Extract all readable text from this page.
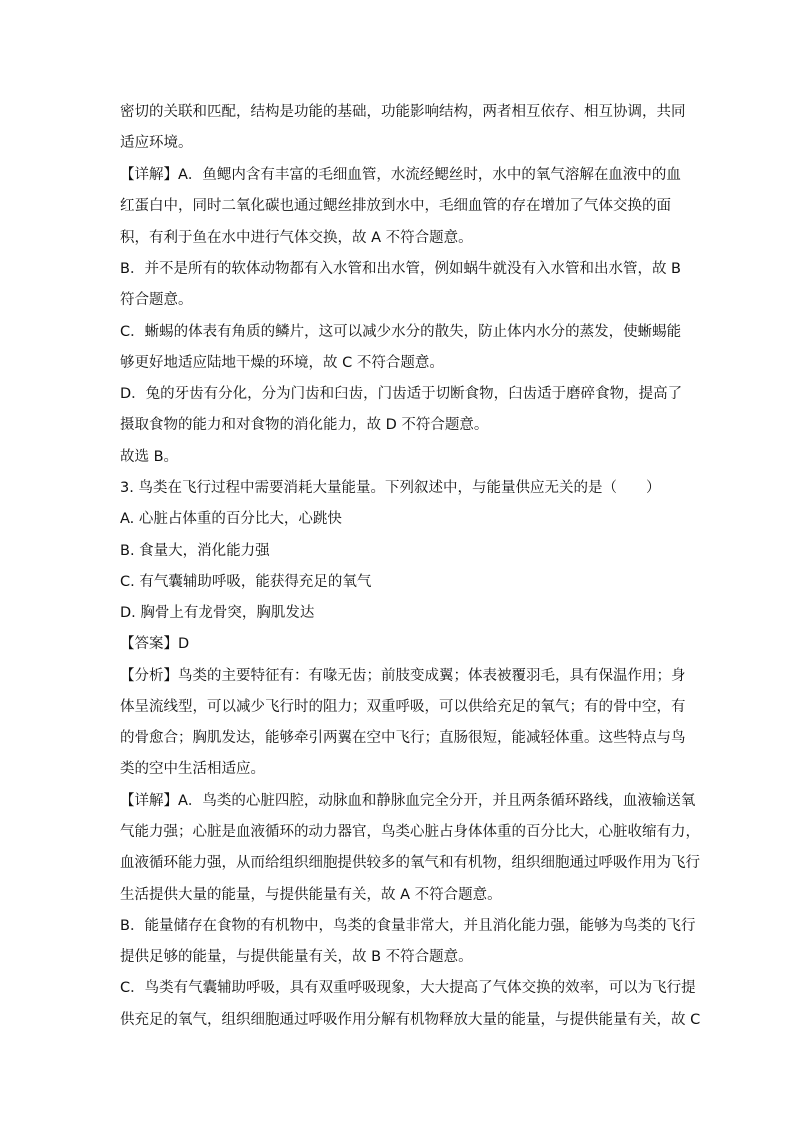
密切的关联和匹配，结构是功能的基础，功能影响结构，两者相互依存、相互协调，共同
适应环境。
【详解】A．鱼鳃内含有丰富的毛细血管，水流经鳃丝时，水中的氧气溶解在血液中的血
红蛋白中，同时二氧化碳也通过鳃丝排放到水中，毛细血管的存在增加了气体交换的面
积，有利于鱼在水中进行气体交换，故 A 不符合题意。
B．并不是所有的软体动物都有入水管和出水管，例如蜗牛就没有入水管和出水管，故 B
符合题意。
C．蜥蜴的体表有角质的鳞片，这可以减少水分的散失，防止体内水分的蒸发，使蜥蜴能
够更好地适应陆地干燥的环境，故 C 不符合题意。
D．兔的牙齿有分化，分为门齿和臼齿，门齿适于切断食物，臼齿适于磨碎食物，提高了
摄取食物的能力和对食物的消化能力，故 D 不符合题意。
故选 B。
3. 鸟类在飞行过程中需要消耗大量能量。下列叙述中，与能量供应无关的是（　　）
A. 心脏占体重的百分比大，心跳快
B. 食量大，消化能力强
C. 有气囊辅助呼吸，能获得充足的氧气
D. 胸骨上有龙骨突，胸肌发达
【答案】D
【分析】鸟类的主要特征有：有喙无齿；前肢变成翼；体表被覆羽毛，具有保温作用；身
体呈流线型，可以减少飞行时的阻力；双重呼吸，可以供给充足的氧气；有的骨中空，有
的骨愈合；胸肌发达，能够牵引两翼在空中飞行；直肠很短，能减轻体重。这些特点与鸟
类的空中生活相适应。
【详解】A．鸟类的心脏四腔，动脉血和静脉血完全分开，并且两条循环路线，血液输送氧
气能力强；心脏是血液循环的动力器官，鸟类心脏占身体体重的百分比大，心脏收缩有力，
血液循环能力强，从而给组织细胞提供较多的氧气和有机物，组织细胞通过呼吸作用为飞行
生活提供大量的能量，与提供能量有关，故 A 不符合题意。
B．能量储存在食物的有机物中，鸟类的食量非常大，并且消化能力强，能够为鸟类的飞行
提供足够的能量，与提供能量有关，故 B 不符合题意。
C．鸟类有气囊辅助呼吸，具有双重呼吸现象，大大提高了气体交换的效率，可以为飞行提
供充足的氧气，组织细胞通过呼吸作用分解有机物释放大量的能量，与提供能量有关，故 C
